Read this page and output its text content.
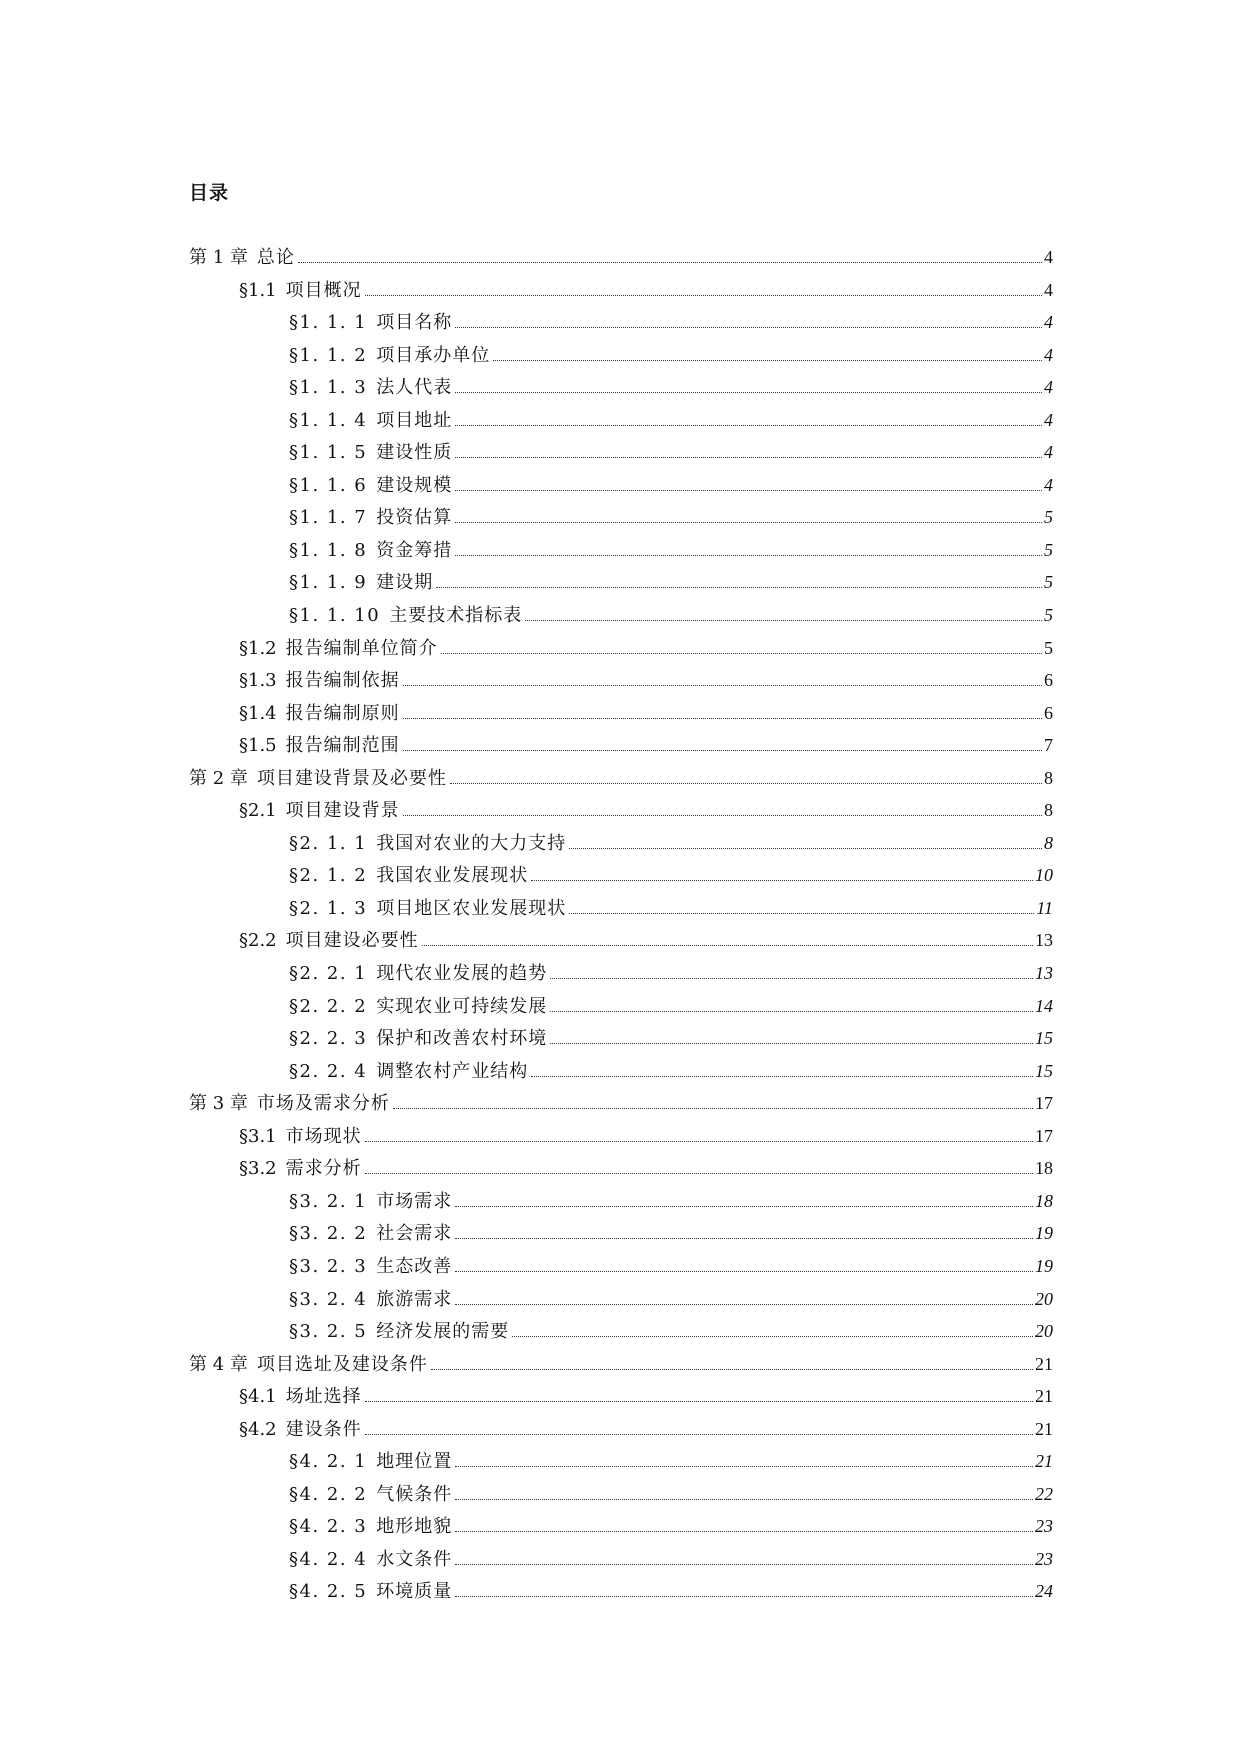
目录
第 1 章 总论	4
§1.1 项目概况	4
§1. 1. 1 项目名称	4
§1. 1. 2 项目承办单位	4
§1. 1. 3 法人代表	4
§1. 1. 4 项目地址	4
§1. 1. 5 建设性质	4
§1. 1. 6 建设规模	4
§1. 1. 7 投资估算	5
§1. 1. 8 资金筹措	5
§1. 1. 9 建设期	5
§1. 1. 10 主要技术指标表	5
§1.2 报告编制单位简介	5
§1.3 报告编制依据	6
§1.4 报告编制原则	6
§1.5 报告编制范围	7
第 2 章 项目建设背景及必要性	8
§2.1 项目建设背景	8
§2. 1. 1 我国对农业的大力支持	8
§2. 1. 2 我国农业发展现状	10
§2. 1. 3 项目地区农业发展现状	11
§2.2 项目建设必要性	13
§2. 2. 1 现代农业发展的趋势	13
§2. 2. 2 实现农业可持续发展	14
§2. 2. 3 保护和改善农村环境	15
§2. 2. 4 调整农村产业结构	15
第 3 章 市场及需求分析	17
§3.1 市场现状	17
§3.2 需求分析	18
§3. 2. 1 市场需求	18
§3. 2. 2 社会需求	19
§3. 2. 3 生态改善	19
§3. 2. 4 旅游需求	20
§3. 2. 5 经济发展的需要	20
第 4 章 项目选址及建设条件	21
§4.1 场址选择	21
§4.2 建设条件	21
§4. 2. 1 地理位置	21
§4. 2. 2 气候条件	22
§4. 2. 3 地形地貌	23
§4. 2. 4 水文条件	23
§4. 2. 5 环境质量	24
